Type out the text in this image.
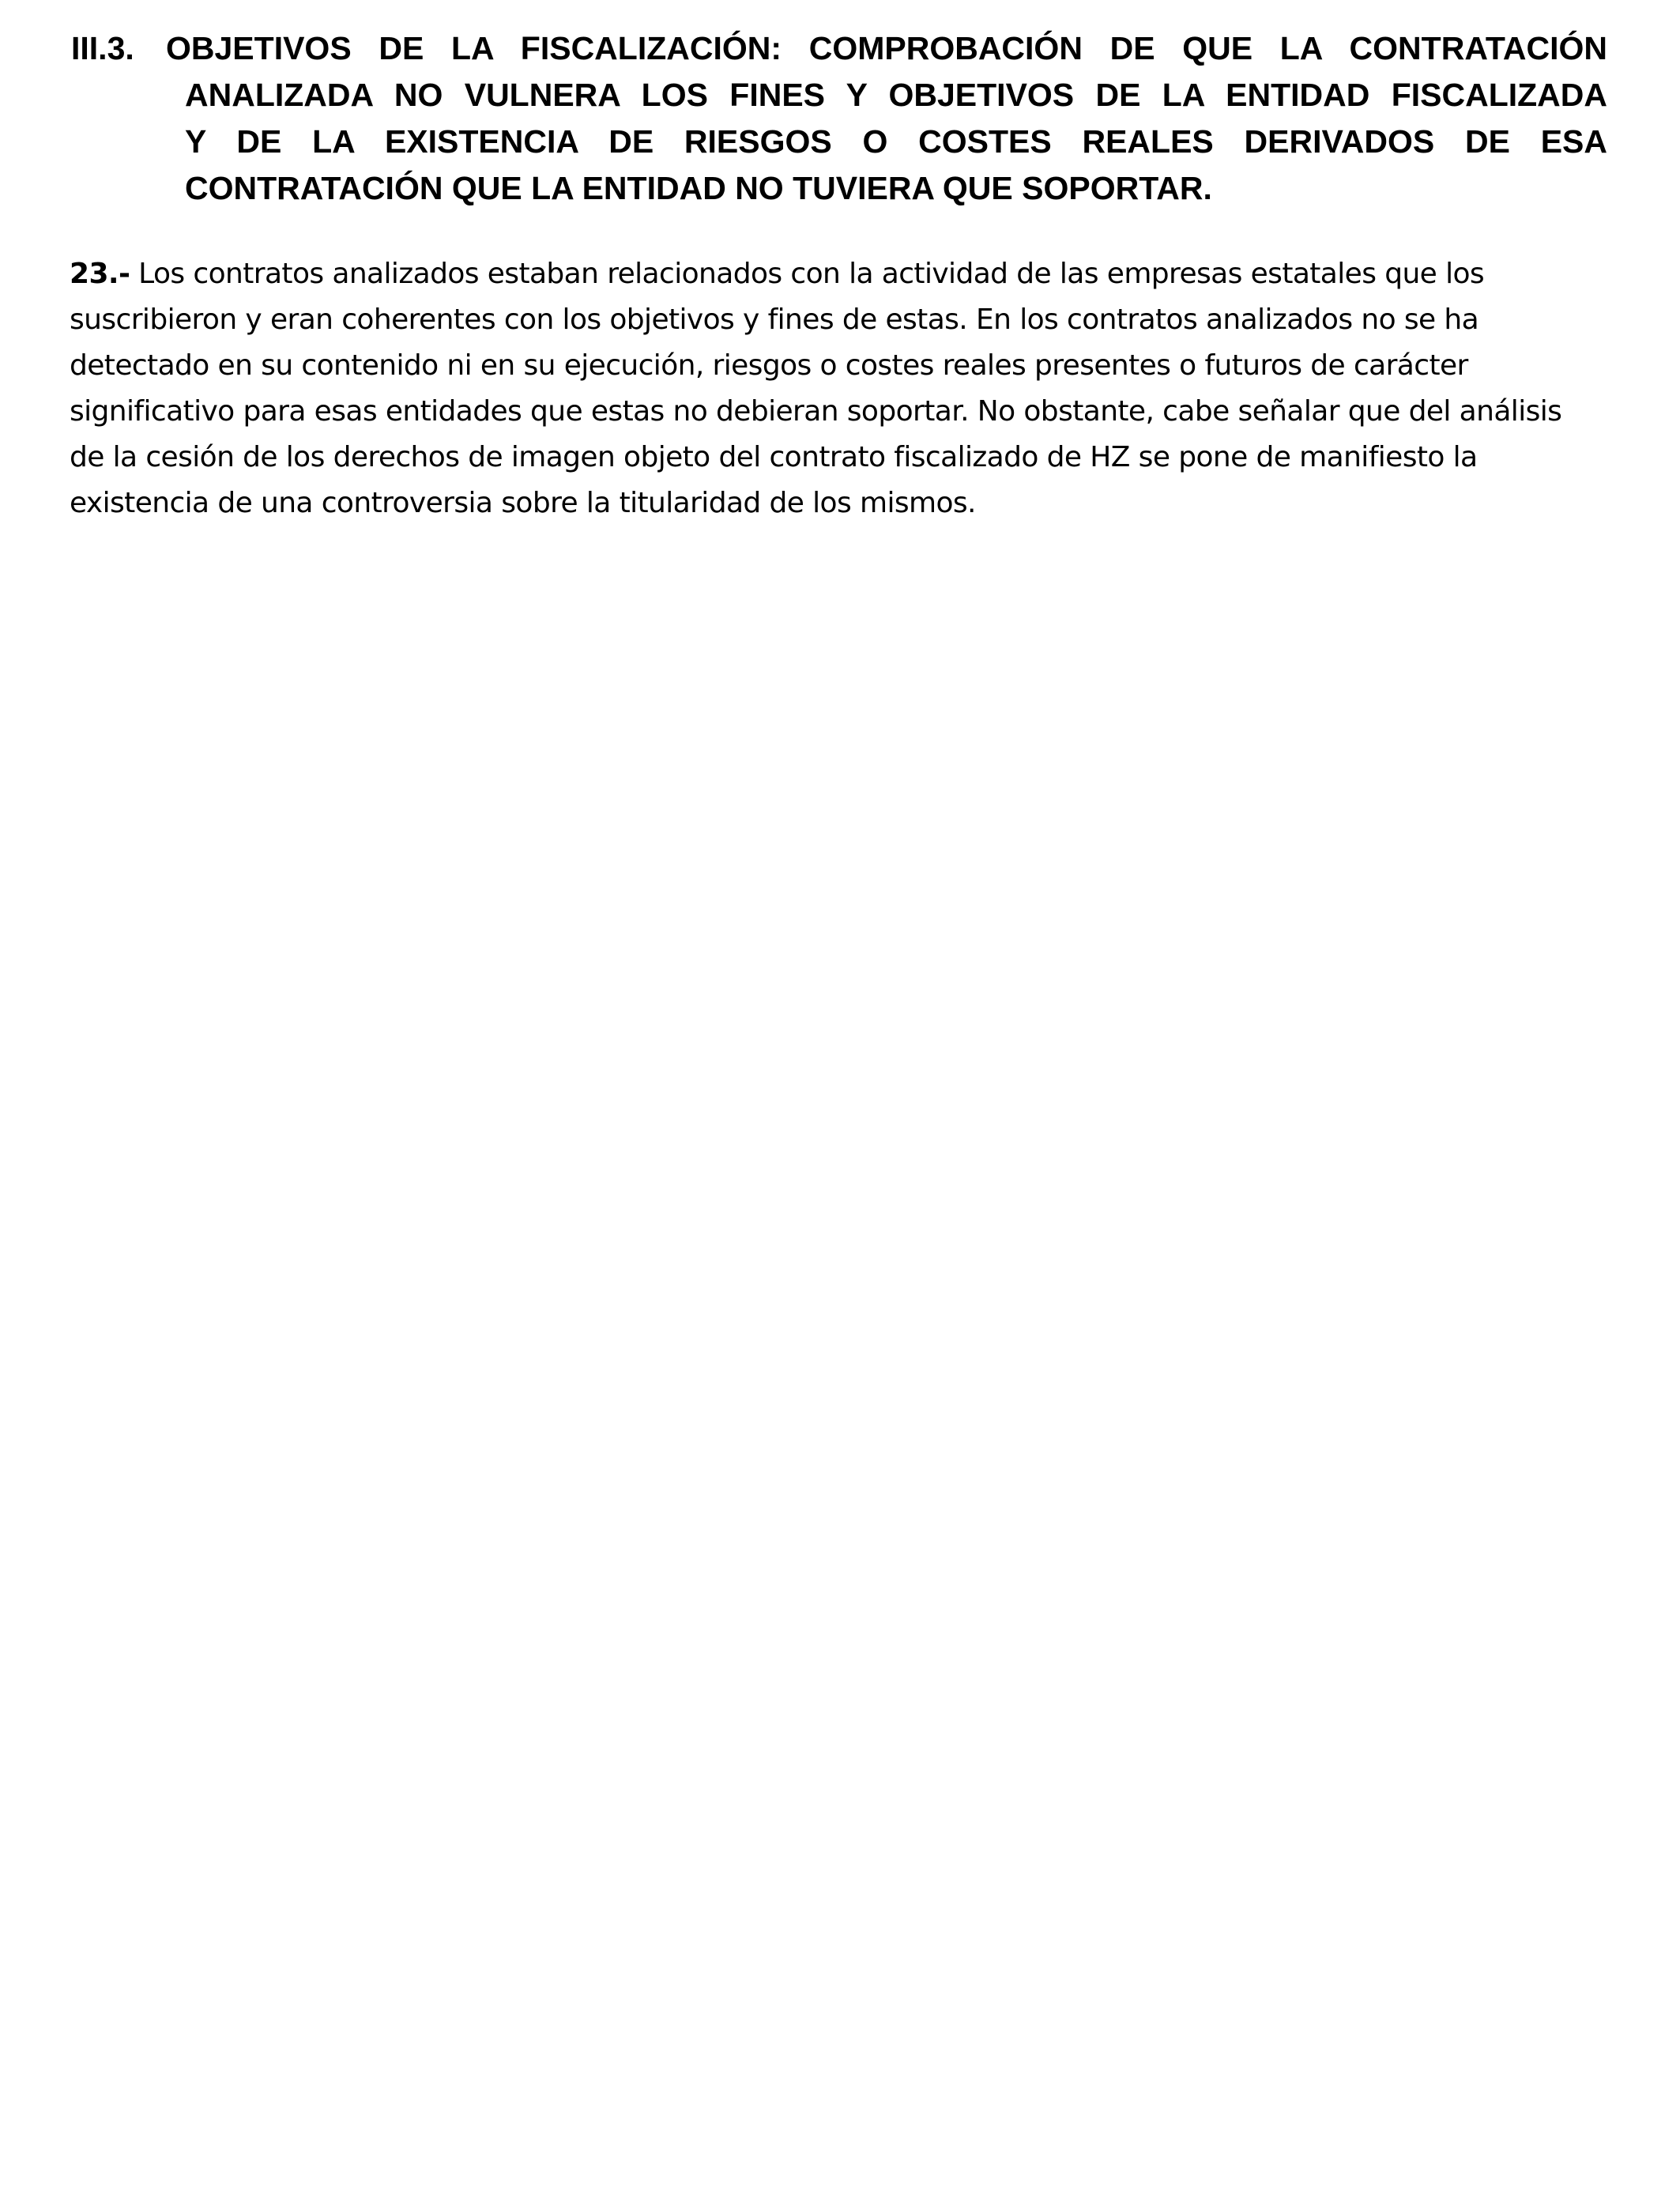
III.3. OBJETIVOS DE LA FISCALIZACIÓN: COMPROBACIÓN DE QUE LA CONTRATACIÓN
ANALIZADA NO VULNERA LOS FINES Y OBJETIVOS DE LA ENTIDAD FISCALIZADA
Y DE LA EXISTENCIA DE RIESGOS O COSTES REALES DERIVADOS DE ESA
CONTRATACIÓN QUE LA ENTIDAD NO TUVIERA QUE SOPORTAR.

23.- Los contratos analizados estaban relacionados con la actividad de las empresas estatales que los
suscribieron y eran coherentes con los objetivos y fines de estas. En los contratos analizados no se ha
detectado en su contenido ni en su ejecución, riesgos o costes reales presentes o futuros de carácter
significativo para esas entidades que estas no debieran soportar. No obstante, cabe señalar que del análisis
de la cesión de los derechos de imagen objeto del contrato fiscalizado de HZ se pone de manifiesto la
existencia de una controversia sobre la titularidad de los mismos.
